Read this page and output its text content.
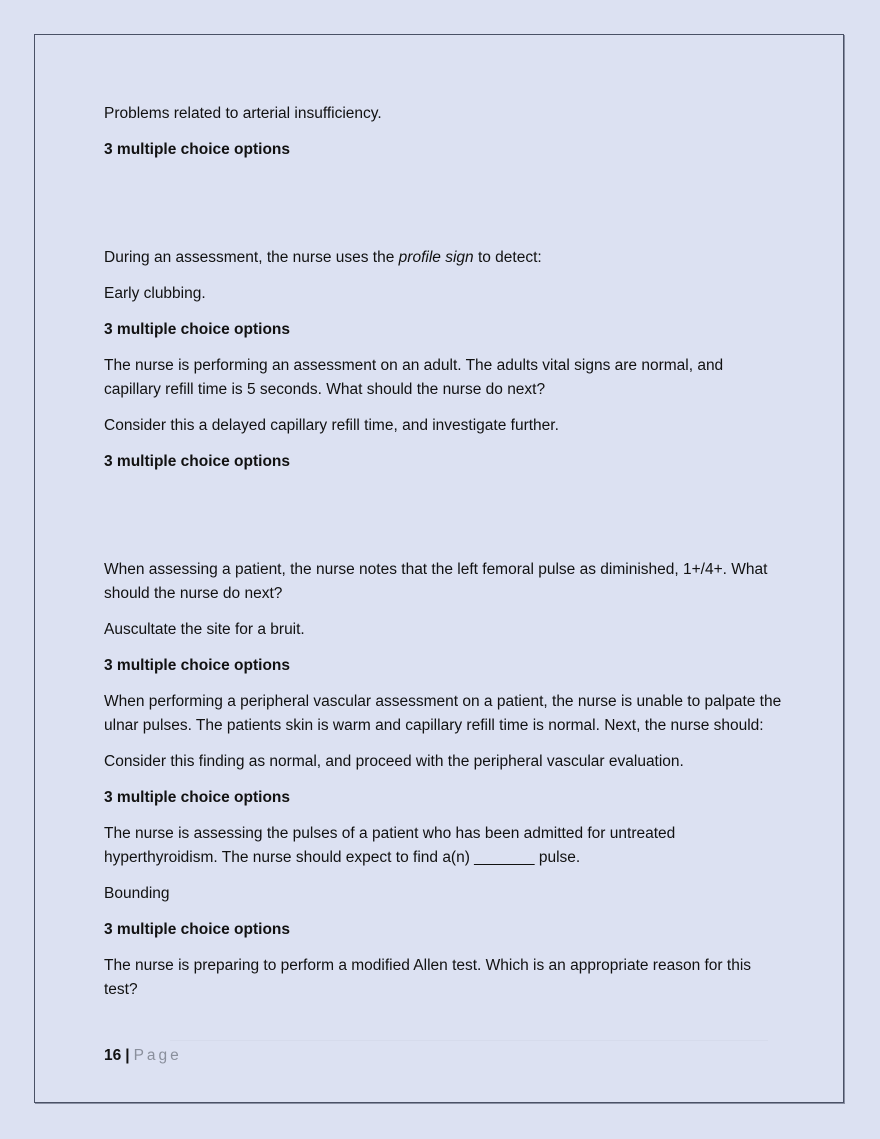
Problems related to arterial insufficiency.

3 multiple choice options

During an assessment, the nurse uses the profile sign to detect:

Early clubbing.

3 multiple choice options

The nurse is performing an assessment on an adult. The adults vital signs are normal, and capillary refill time is 5 seconds. What should the nurse do next?

Consider this a delayed capillary refill time, and investigate further.

3 multiple choice options

When assessing a patient, the nurse notes that the left femoral pulse as diminished, 1+/4+. What should the nurse do next?

Auscultate the site for a bruit.

3 multiple choice options

When performing a peripheral vascular assessment on a patient, the nurse is unable to palpate the ulnar pulses. The patients skin is warm and capillary refill time is normal. Next, the nurse should:

Consider this finding as normal, and proceed with the peripheral vascular evaluation.

3 multiple choice options

The nurse is assessing the pulses of a patient who has been admitted for untreated hyperthyroidism. The nurse should expect to find a(n) _______ pulse.

Bounding

3 multiple choice options

The nurse is preparing to perform a modified Allen test. Which is an appropriate reason for this test?

16 | Page
